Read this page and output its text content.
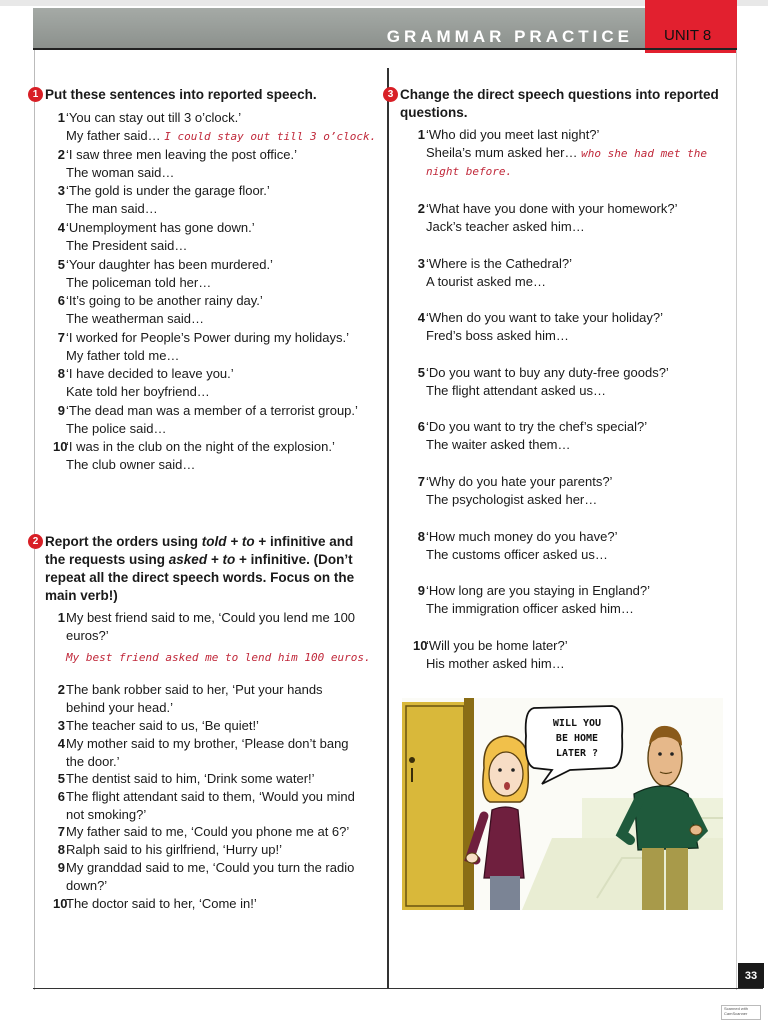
GRAMMAR PRACTICE UNIT 8
33
Scanned with CamScanner
1 Put these sentences into reported speech.
1 ‘You can stay out till 3 o’clock.’
My father said… I could stay out till 3 o’clock.
2 ‘I saw three men leaving the post office.’
The woman said…
3 ‘The gold is under the garage floor.’
The man said…
4 ‘Unemployment has gone down.’
The President said…
5 ‘Your daughter has been murdered.’
The policeman told her…
6 ‘It’s going to be another rainy day.’
The weatherman said…
7 ‘I worked for People’s Power during my holidays.’
My father told me…
8 ‘I have decided to leave you.’
Kate told her boyfriend…
9 ‘The dead man was a member of a terrorist group.’
The police said…
10
‘I was in the club on the night of the explosion.’
The club owner said…
2 Report the orders using told + to + infinitive and the requests using asked + to + infinitive. (Don’t repeat all the direct speech words. Focus on the main verb!)
1 My best friend said to me, ‘Could you lend me 100
euros?’
My best friend asked me to lend him 100 euros.
2 The bank robber said to her, ‘Put your hands
behind your head.’
3 The teacher said to us, ‘Be quiet!’
4 My mother said to my brother, ‘Please don’t bang
the door.’
5 The dentist said to him, ‘Drink some water!’
6 The flight attendant said to them, ‘Would you mind
not smoking?’
7 My father said to me, ‘Could you phone me at 6?’
8 Ralph said to his girlfriend, ‘Hurry up!’
9 My granddad said to me, ‘Could you turn the radio
down?’
10
The doctor said to her, ‘Come in!’
3 Change the direct speech questions into reported
questions.
1 ‘Who did you meet last night?’
Sheila’s mum asked her… who she had met the
night before.
2 ‘What have you done with your homework?’
Jack’s teacher asked him…
3 ‘Where is the Cathedral?’
A tourist asked me…
4 ‘When do you want to take your holiday?’
Fred’s boss asked him…
5 ‘Do you want to buy any duty-free goods?’
The flight attendant asked us…
6 ‘Do you want to try the chef’s special?’
The waiter asked them…
7 ‘Why do you hate your parents?’
The psychologist asked her…
8 ‘How much money do you have?’
The customs officer asked us…
9 ‘How long are you staying in England?’
The immigration officer asked him…
10
‘Will you be home later?’
His mother asked him…
WILL YOU
BE HOME
LATER ?
